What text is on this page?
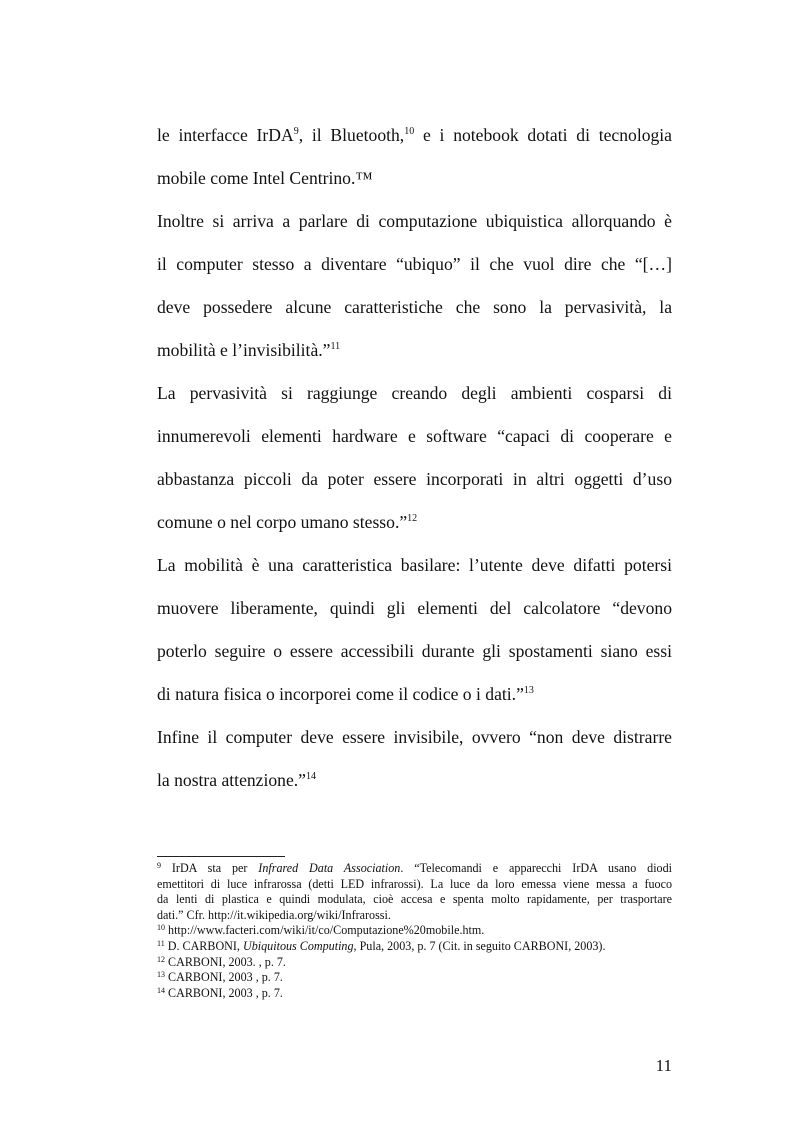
le interfacce IrDA$^9$, il Bluetooth,$^{10}$ e i notebook dotati di tecnologia
mobile come Intel Centrino.™
Inoltre si arriva a parlare di computazione ubiquistica allorquando è
il computer stesso a diventare “ubiquo” il che vuol dire che “[…]
deve possedere alcune caratteristiche che sono la pervasività, la
mobilità e l’invisibilità.”$^{11}$
La pervasività si raggiunge creando degli ambienti cosparsi di
innumerevoli elementi hardware e software “capaci di cooperare e
abbastanza piccoli da poter essere incorporati in altri oggetti d’uso
comune o nel corpo umano stesso.”$^{12}$
La mobilità è una caratteristica basilare: l’utente deve difatti potersi
muovere liberamente, quindi gli elementi del calcolatore “devono
poterlo seguire o essere accessibili durante gli spostamenti siano essi
di natura fisica o incorporei come il codice o i dati.”$^{13}$
Infine il computer deve essere invisibile, ovvero “non deve distrarre
la nostra attenzione.”$^{14}$
$^9$ IrDA sta per Infrared Data Association. “Telecomandi e apparecchi IrDA usano diodi
emettitori di luce infrarossa (detti LED infrarossi). La luce da loro emessa viene messa a fuoco
da lenti di plastica e quindi modulata, cioè accesa e spenta molto rapidamente, per trasportare
dati.” Cfr. http://it.wikipedia.org/wiki/Infrarossi.
$^{10}$ http://www.facteri.com/wiki/it/co/Computazione%20mobile.htm.
$^{11}$ D. CARBONI, Ubiquitous Computing, Pula, 2003, p. 7 (Cit. in seguito CARBONI, 2003).
$^{12}$ CARBONI, 2003. , p. 7.
$^{13}$ CARBONI, 2003 , p. 7.
$^{14}$ CARBONI, 2003 , p. 7.
11
